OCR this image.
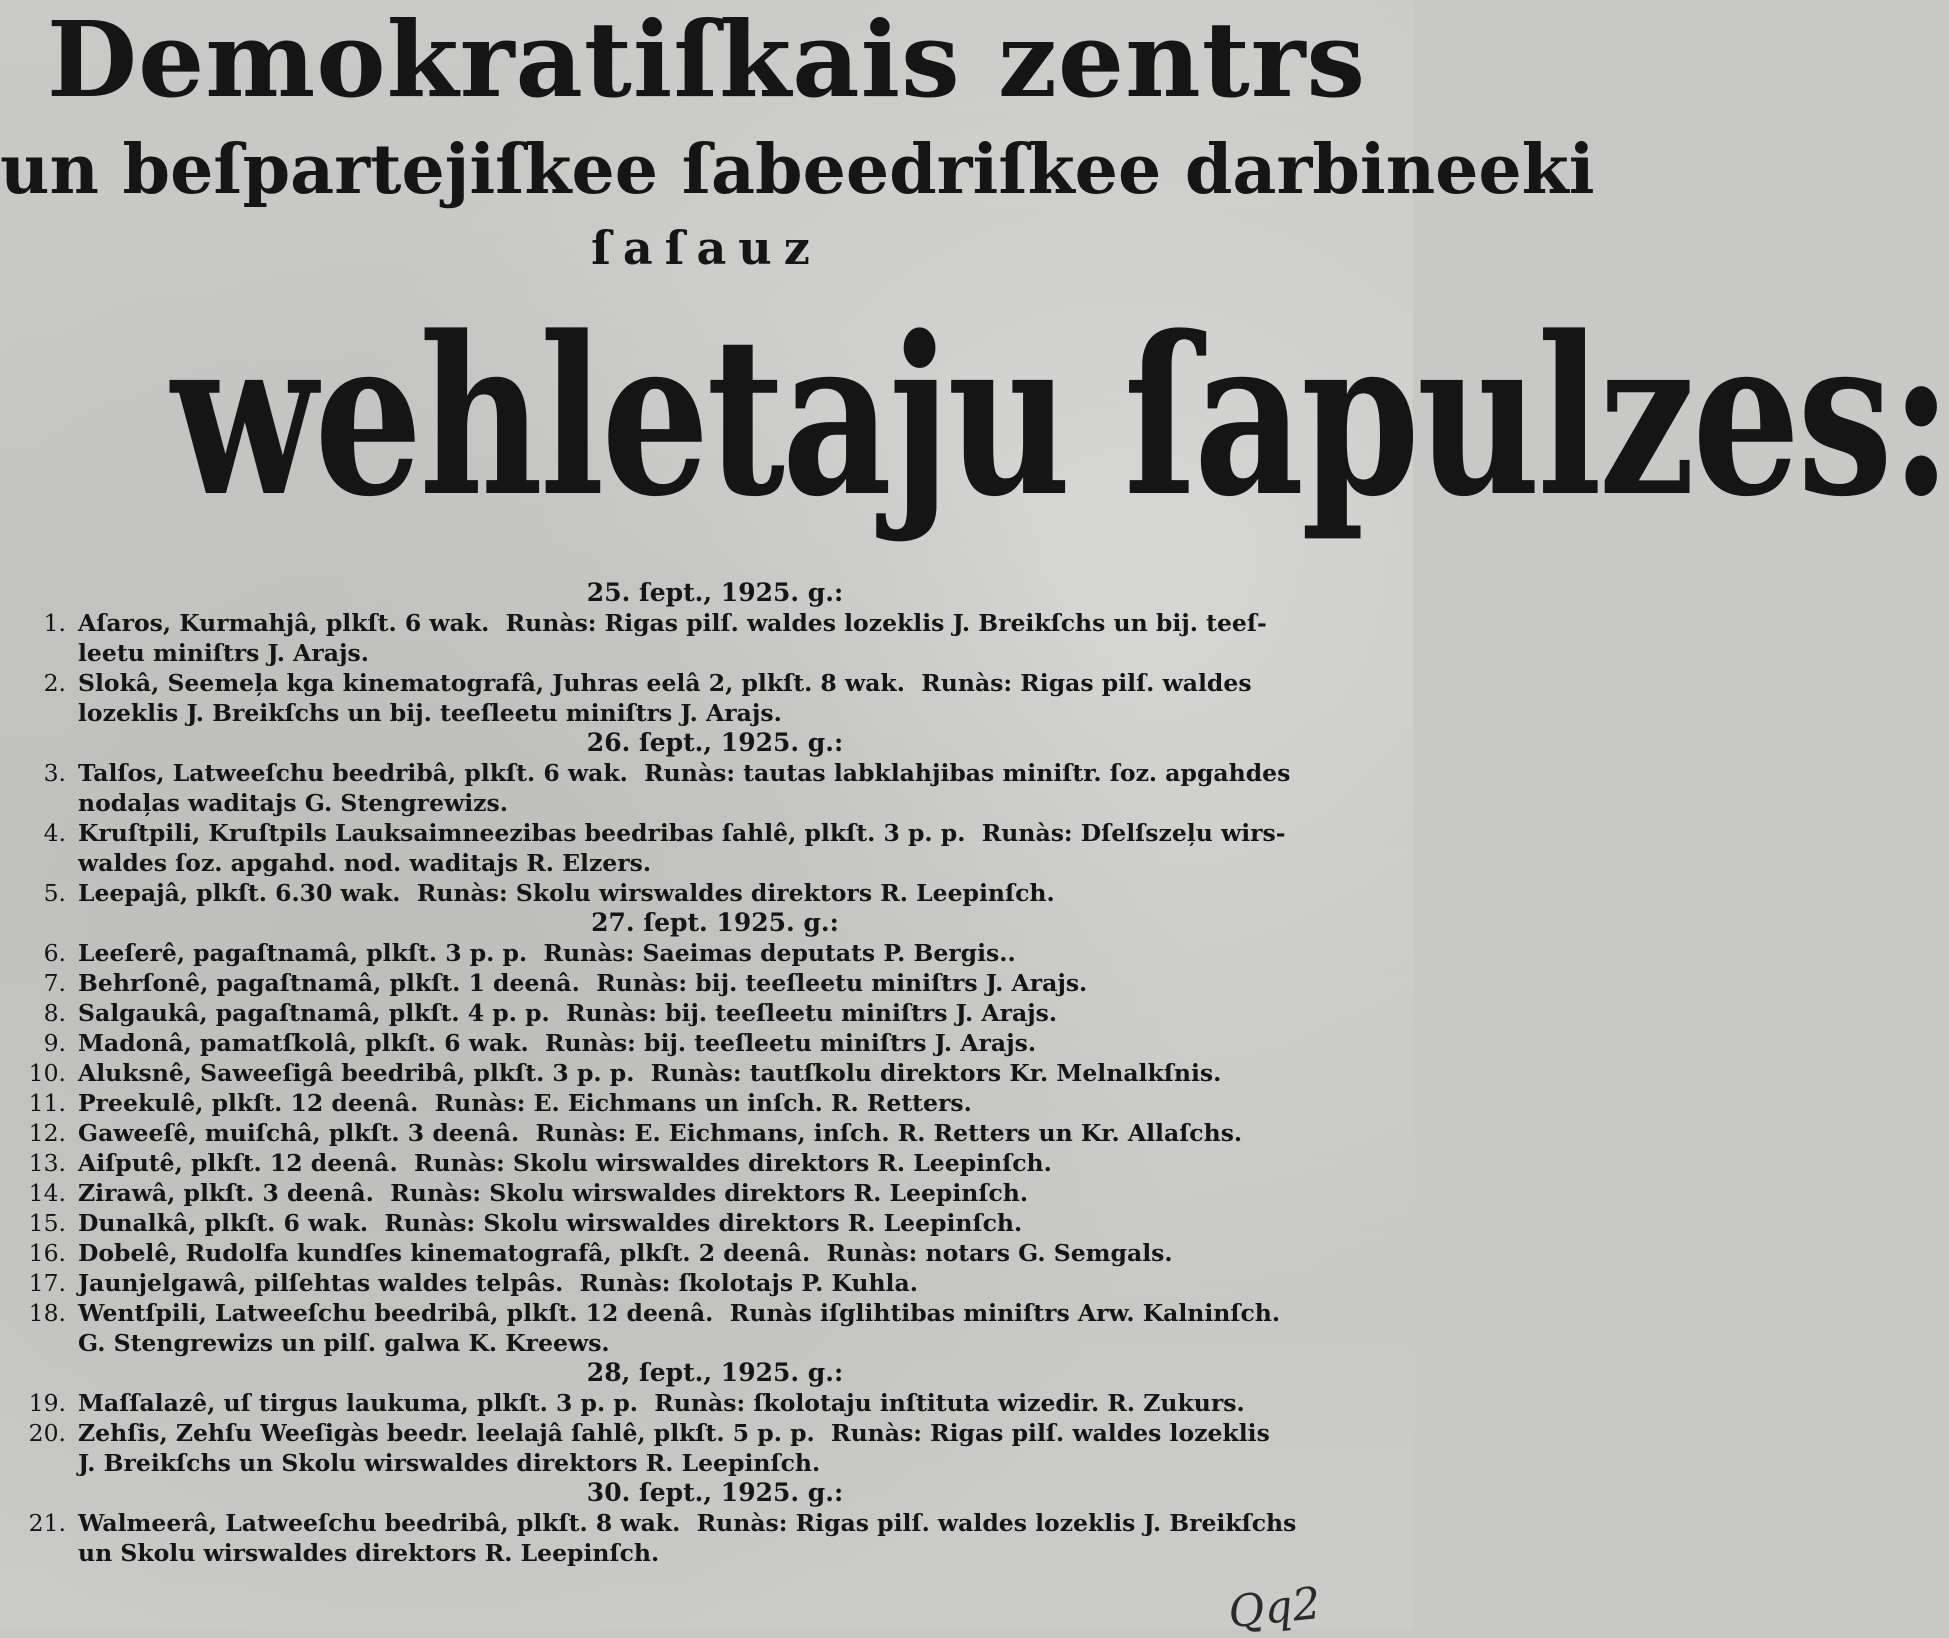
Demokratiſkais zentrs
un beſpartejiſkee ſabeedriſkee darbineeki
ſaſauz
wehletaju ſapulzes:
25. ſept., 1925. g.:
1. Aſaros, Kurmahjâ, plkſt. 6 wak.  Runàs: Rigas pilſ. waldes lozeklis J. Breikſchs un bij. teeſ-
leetu miniſtrs J. Arajs.
2. Slokâ, Seemeļa kga kinematografâ, Juhras eelâ 2, plkſt. 8 wak.  Runàs: Rigas pilſ. waldes
lozeklis J. Breikſchs un bij. teeſleetu miniſtrs J. Arajs.
26. ſept., 1925. g.:
3. Talſos, Latweeſchu beedribâ, plkſt. 6 wak.  Runàs: tautas labklahjibas miniſtr. ſoz. apgahdes
nodaļas waditajs G. Stengrewizs.
4. Kruſtpili, Kruſtpils Lauksaimneezibas beedribas ſahlê, plkſt. 3 p. p.  Runàs: Dſelſszeļu wirs-
waldes ſoz. apgahd. nod. waditajs R. Elzers.
5. Leepajâ, plkſt. 6.30 wak.  Runàs: Skolu wirswaldes direktors R. Leepinſch.
27. ſept. 1925. g.:
6. Leeſerê, pagaſtnamâ, plkſt. 3 p. p.  Runàs: Saeimas deputats P. Bergis..
7. Behrſonê, pagaſtnamâ, plkſt. 1 deenâ.  Runàs: bij. teeſleetu miniſtrs J. Arajs.
8. Salgaukâ, pagaſtnamâ, plkſt. 4 p. p.  Runàs: bij. teeſleetu miniſtrs J. Arajs.
9. Madonâ, pamatſkolâ, plkſt. 6 wak.  Runàs: bij. teeſleetu miniſtrs J. Arajs.
10. Aluksnê, Saweeſigâ beedribâ, plkſt. 3 p. p.  Runàs: tautſkolu direktors Kr. Melnalkſnis.
11. Preekulê, plkſt. 12 deenâ.  Runàs: E. Eichmans un inſch. R. Retters.
12. Gaweeſê, muiſchâ, plkſt. 3 deenâ.  Runàs: E. Eichmans, inſch. R. Retters un Kr. Allaſchs.
13. Aiſputê, plkſt. 12 deenâ.  Runàs: Skolu wirswaldes direktors R. Leepinſch.
14. Zirawâ, plkſt. 3 deenâ.  Runàs: Skolu wirswaldes direktors R. Leepinſch.
15. Dunalkâ, plkſt. 6 wak.  Runàs: Skolu wirswaldes direktors R. Leepinſch.
16. Dobelê, Rudolfa kundſes kinematografâ, plkſt. 2 deenâ.  Runàs: notars G. Semgals.
17. Jaunjelgawâ, pilſehtas waldes telpâs.  Runàs: ſkolotajs P. Kuhla.
18. Wentſpili, Latweeſchu beedribâ, plkſt. 12 deenâ.  Runàs iſglihtibas miniſtrs Arw. Kalninſch.
G. Stengrewizs un pilſ. galwa K. Kreews.
28, ſept., 1925. g.:
19. Maſſalazê, uſ tirgus laukuma, plkſt. 3 p. p.  Runàs: ſkolotaju inſtituta wizedir. R. Zukurs.
20. Zehſis, Zehſu Weeſigàs beedr. leelajâ ſahlê, plkſt. 5 p. p.  Runàs: Rigas pilſ. waldes lozeklis
J. Breikſchs un Skolu wirswaldes direktors R. Leepinſch.
30. ſept., 1925. g.:
21. Walmeerâ, Latweeſchu beedribâ, plkſt. 8 wak.  Runàs: Rigas pilſ. waldes lozeklis J. Breikſchs
un Skolu wirswaldes direktors R. Leepinſch.
Qq2
